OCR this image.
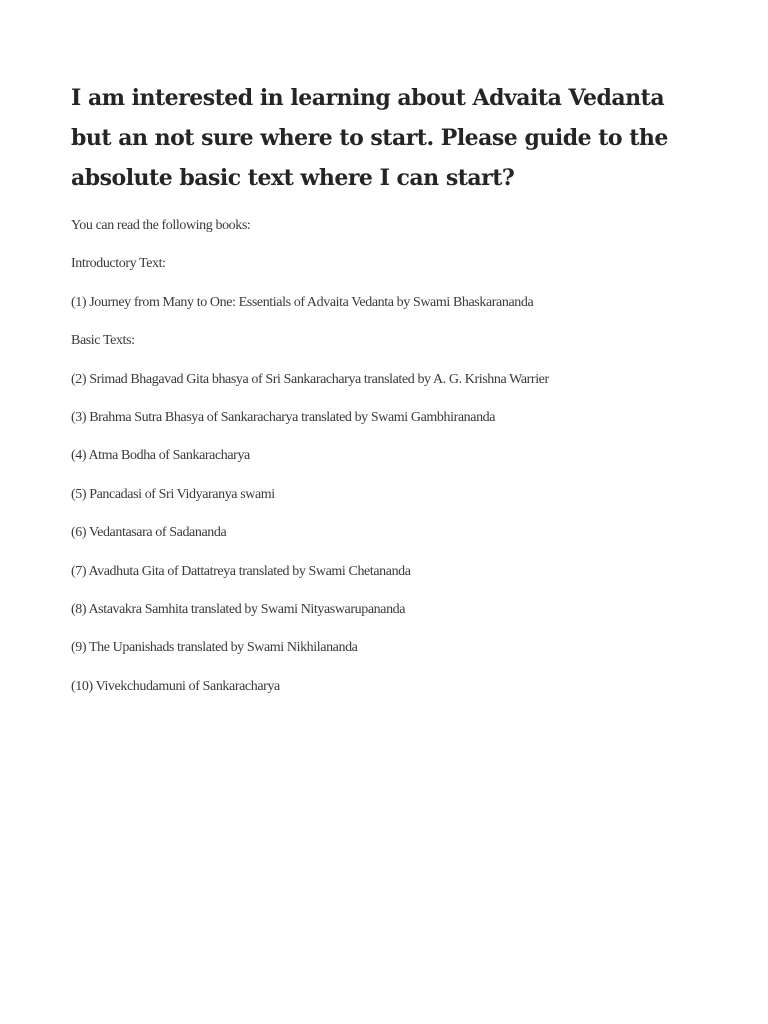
I am interested in learning about Advaita Vedanta but an not sure where to start. Please guide to the absolute basic text where I can start?

You can read the following books:

Introductory Text:

(1) Journey from Many to One: Essentials of Advaita Vedanta by Swami Bhaskarananda

Basic Texts:

(2) Srimad Bhagavad Gita bhasya of Sri Sankaracharya translated by A. G. Krishna Warrier

(3) Brahma Sutra Bhasya of Sankaracharya translated by Swami Gambhirananda

(4) Atma Bodha of Sankaracharya

(5) Pancadasi of Sri Vidyaranya swami

(6) Vedantasara of Sadananda

(7) Avadhuta Gita of Dattatreya translated by Swami Chetananda

(8) Astavakra Samhita translated by Swami Nityaswarupananda

(9) The Upanishads translated by Swami Nikhilananda

(10) Vivekchudamuni of Sankaracharya
